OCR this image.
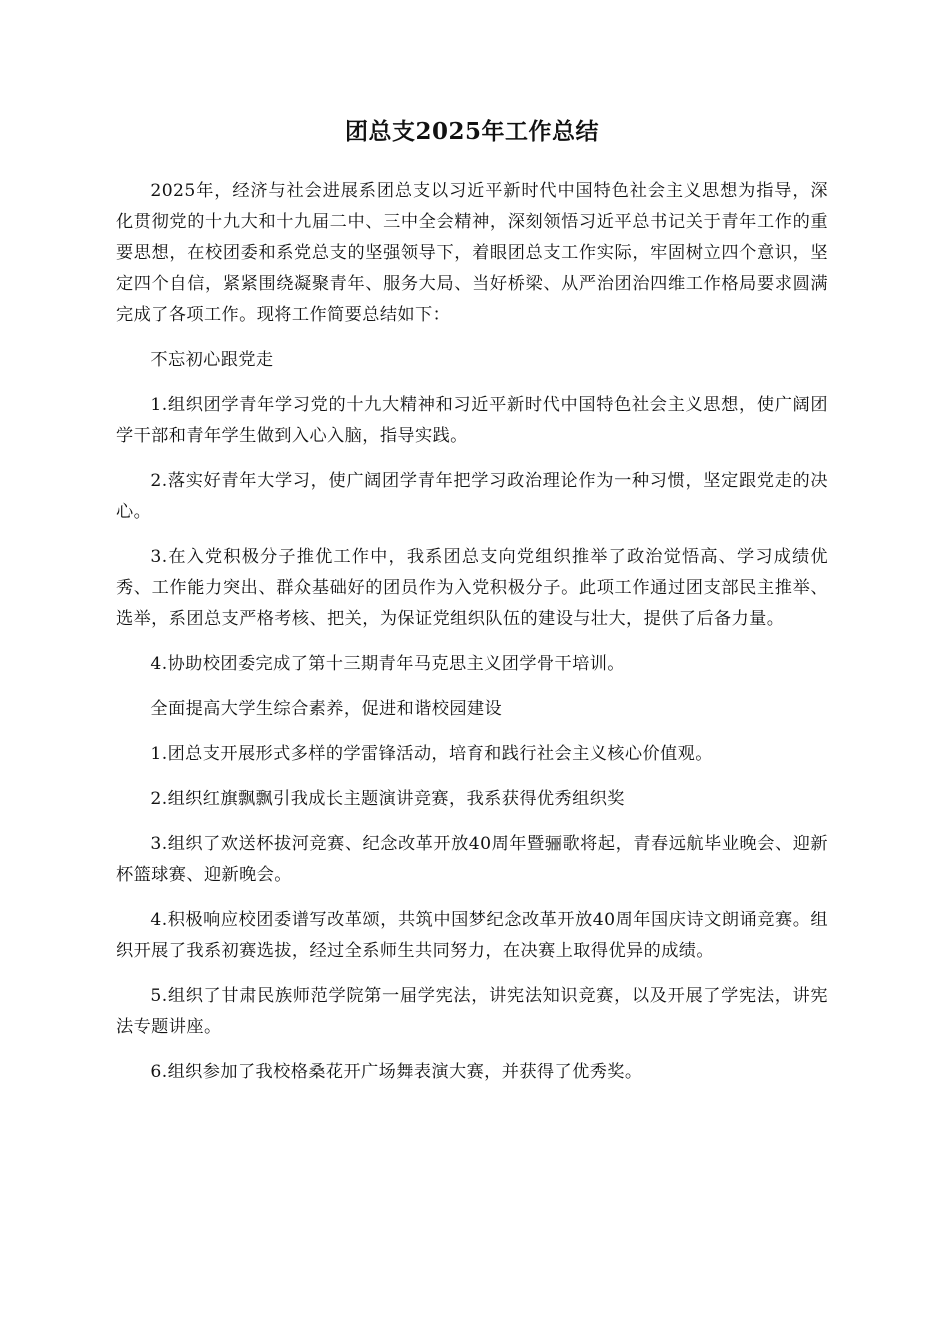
团总支2025年工作总结

2025年，经济与社会进展系团总支以习近平新时代中国特色社会主义思想为指导，深化贯彻党的十九大和十九届二中、三中全会精神，深刻领悟习近平总书记关于青年工作的重要思想，在校团委和系党总支的坚强领导下，着眼团总支工作实际，牢固树立四个意识，坚定四个自信，紧紧围绕凝聚青年、服务大局、当好桥梁、从严治团治四维工作格局要求圆满完成了各项工作。现将工作简要总结如下：

不忘初心跟党走

1.组织团学青年学习党的十九大精神和习近平新时代中国特色社会主义思想，使广阔团学干部和青年学生做到入心入脑，指导实践。

2.落实好青年大学习，使广阔团学青年把学习政治理论作为一种习惯，坚定跟党走的决心。

3.在入党积极分子推优工作中，我系团总支向党组织推举了政治觉悟高、学习成绩优秀、工作能力突出、群众基础好的团员作为入党积极分子。此项工作通过团支部民主推举、选举，系团总支严格考核、把关，为保证党组织队伍的建设与壮大，提供了后备力量。

4.协助校团委完成了第十三期青年马克思主义团学骨干培训。

全面提高大学生综合素养，促进和谐校园建设

1.团总支开展形式多样的学雷锋活动，培育和践行社会主义核心价值观。

2.组织红旗飘飘引我成长主题演讲竞赛，我系获得优秀组织奖

3.组织了欢送杯拔河竞赛、纪念改革开放40周年暨骊歌将起，青春远航毕业晚会、迎新杯篮球赛、迎新晚会。

4.积极响应校团委谱写改革颂，共筑中国梦纪念改革开放40周年国庆诗文朗诵竞赛。组织开展了我系初赛选拔，经过全系师生共同努力，在决赛上取得优异的成绩。

5.组织了甘肃民族师范学院第一届学宪法，讲宪法知识竞赛，以及开展了学宪法，讲宪法专题讲座。

6.组织参加了我校格桑花开广场舞表演大赛，并获得了优秀奖。
